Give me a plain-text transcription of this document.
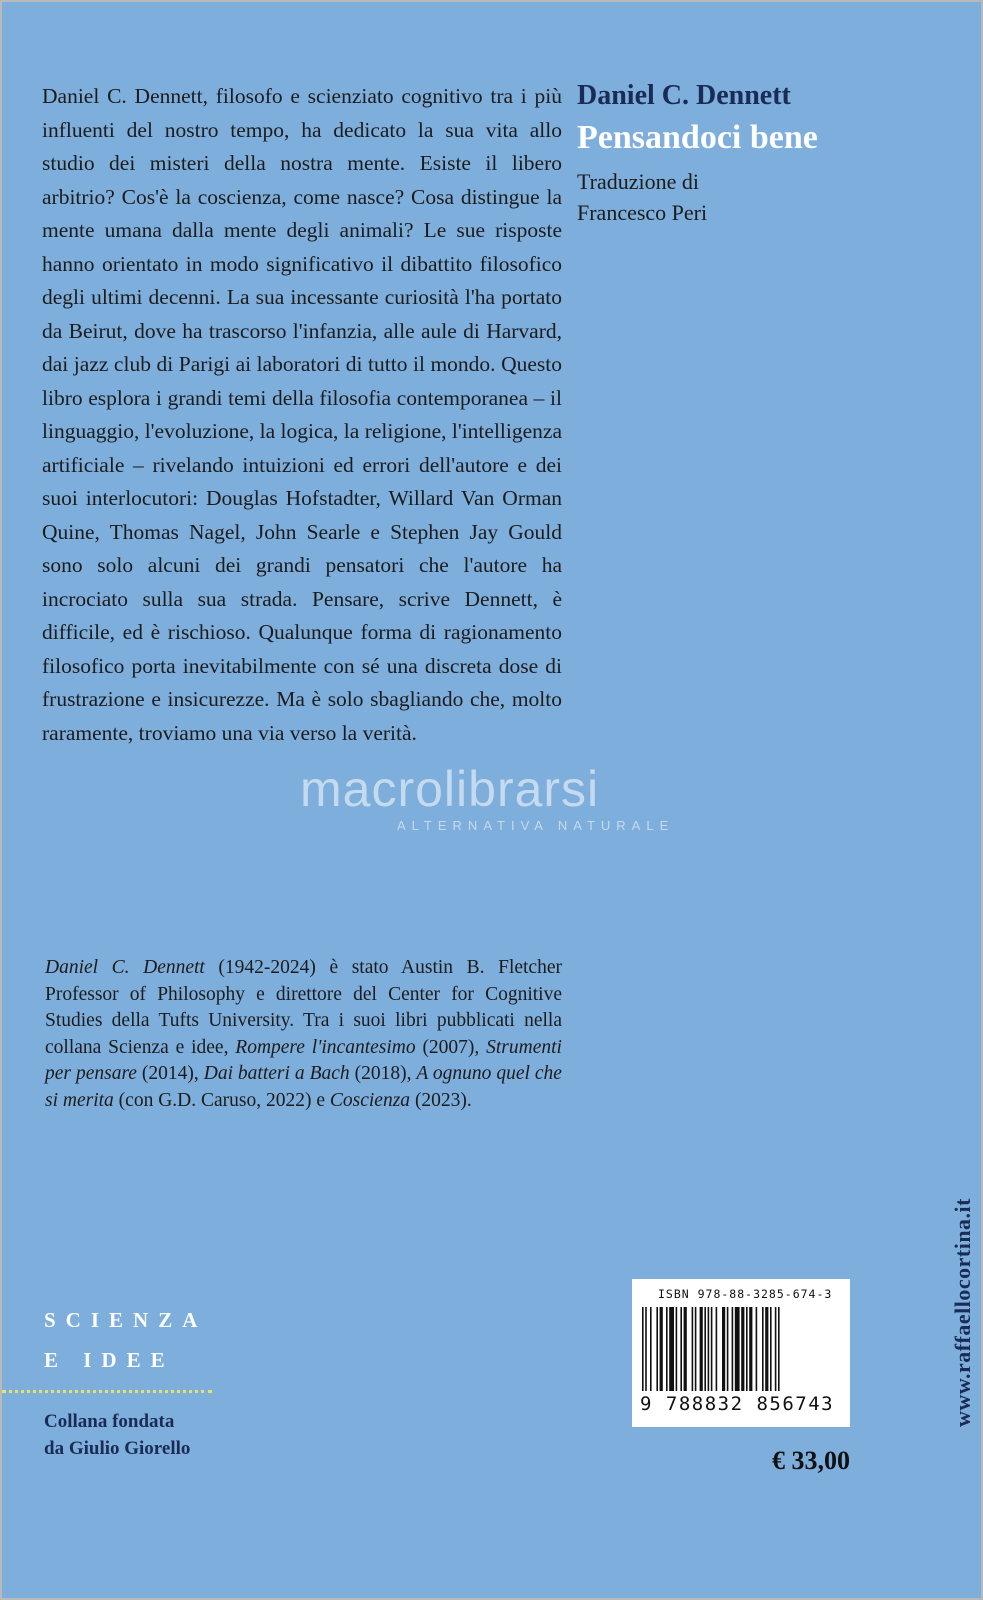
Daniel C. Dennett, filosofo e scienziato cognitivo tra i più influenti del nostro tempo, ha dedicato la sua vita allo studio dei misteri della nostra mente. Esiste il libero arbitrio? Cos'è la coscienza, come nasce? Cosa distingue la mente umana dalla mente degli animali? Le sue risposte hanno orientato in modo significativo il dibattito filosofico degli ultimi decenni. La sua incessante curiosità l'ha portato da Beirut, dove ha trascorso l'infanzia, alle aule di Harvard, dai jazz club di Parigi ai laboratori di tutto il mondo. Questo libro esplora i grandi temi della filosofia contemporanea – il linguaggio, l'evoluzione, la logica, la religione, l'intelligenza artificiale – rivelando intuizioni ed errori dell'autore e dei suoi interlocutori: Douglas Hofstadter, Willard Van Orman Quine, Thomas Nagel, John Searle e Stephen Jay Gould sono solo alcuni dei grandi pensatori che l'autore ha incrociato sulla sua strada. Pensare, scrive Dennett, è difficile, ed è rischioso. Qualunque forma di ragionamento filosofico porta inevitabilmente con sé una discreta dose di frustrazione e insicurezze. Ma è solo sbagliando che, molto raramente, troviamo una via verso la verità.

Daniel C. Dennett (1942-2024) è stato Austin B. Fletcher Professor of Philosophy e direttore del Center for Cognitive Studies della Tufts University. Tra i suoi libri pubblicati nella collana Scienza e idee, Rompere l'incantesimo (2007), Strumenti per pensare (2014), Dai batteri a Bach (2018), A ognuno quel che si merita (con G.D. Caruso, 2022) e Coscienza (2023).

Daniel C. Dennett
Pensandoci bene
Traduzione di
Francesco Peri
macrolibrarsi
ALTERNATIVA NATURALE
SCIENZA
E IDEE
Collana fondata
da Giulio Giorello
ISBN 978-88-3285-674-3
9 788832 856743
€ 33,00
www.raffaellocortina.it
